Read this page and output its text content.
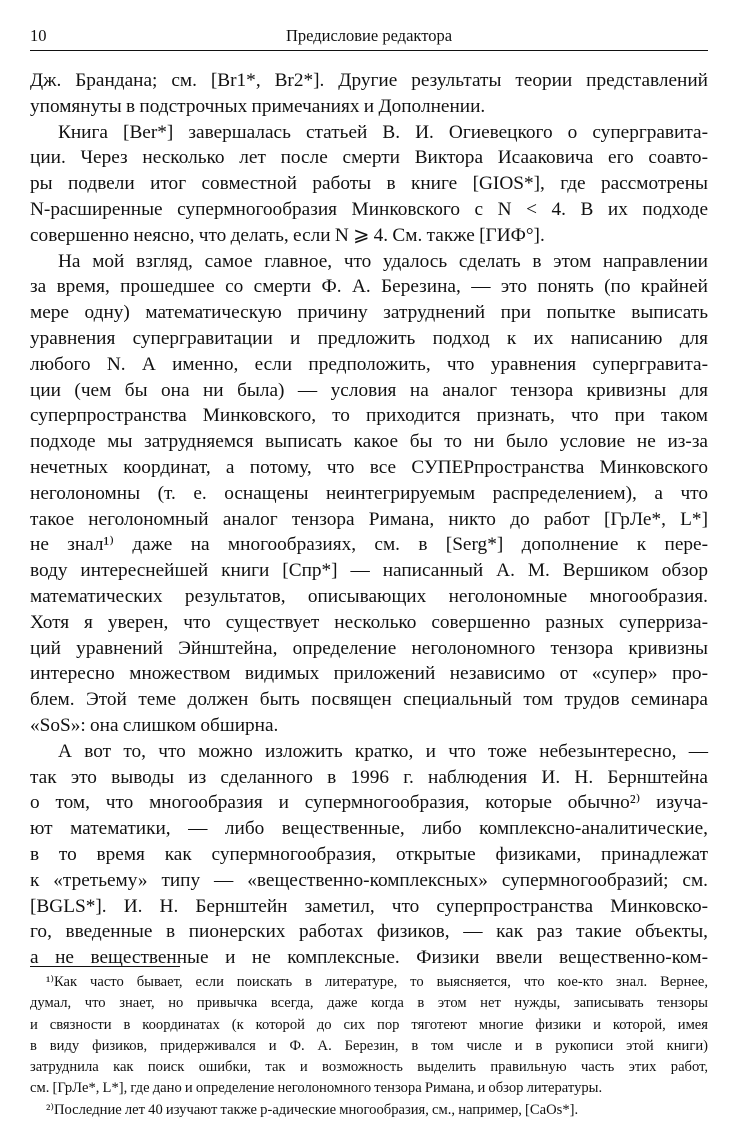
10	Предисловие редактора
Дж. Брандана; см. [Br1*, Br2*]. Другие результаты теории представлений
упомянуты в подстрочных примечаниях и Дополнении.
Книга [Ber*] завершалась статьей В. И. Огиевецкого о супергравита-
ции. Через несколько лет после смерти Виктора Исааковича его соавто-
ры подвели итог совместной работы в книге [GIOS*], где рассмотрены
N-расширенные супермногообразия Минковского с N < 4. В их подходе
совершенно неясно, что делать, если N ⩾ 4. См. также [ГИФ°].
На мой взгляд, самое главное, что удалось сделать в этом направлении
за время, прошедшее со смерти Ф. А. Березина, — это понять (по крайней
мере одну) математическую причину затруднений при попытке выписать
уравнения супергравитации и предложить подход к их написанию для
любого N. А именно, если предположить, что уравнения супергравита-
ции (чем бы она ни была) — условия на аналог тензора кривизны для
суперпространства Минковского, то приходится признать, что при таком
подходе мы затрудняемся выписать какое бы то ни было условие не из-за
нечетных координат, а потому, что все СУПЕРпространства Минковского
неголономны (т. е. оснащены неинтегрируемым распределением), а что
такое неголономный аналог тензора Римана, никто до работ [ГрЛе*, L*]
не знал¹⁾ даже на многообразиях, см. в [Serg*] дополнение к пере-
воду интереснейшей книги [Спр*] — написанный А. М. Вершиком обзор
математических результатов, описывающих неголономные многообразия.
Хотя я уверен, что существует несколько совершенно разных суперриза-
ций уравнений Эйнштейна, определение неголономного тензора кривизны
интересно множеством видимых приложений независимо от «супер» про-
блем. Этой теме должен быть посвящен специальный том трудов семинара
«SoS»: она слишком обширна.
А вот то, что можно изложить кратко, и что тоже небезынтересно, —
так это выводы из сделанного в 1996 г. наблюдения И. Н. Бернштейна
о том, что многообразия и супермногообразия, которые обычно²⁾ изуча-
ют математики, — либо вещественные, либо комплексно-аналитические,
в то время как супермногообразия, открытые физиками, принадлежат
к «третьему» типу — «вещественно-комплексных» супермногообразий; см.
[BGLS*]. И. Н. Бернштейн заметил, что суперпространства Минковско-
го, введенные в пионерских работах физиков, — как раз такие объекты,
а не вещественные и не комплексные. Физики ввели вещественно-ком-
¹⁾Как часто бывает, если поискать в литературе, то выясняется, что кое-кто знал. Вернее,
думал, что знает, но привычка всегда, даже когда в этом нет нужды, записывать тензоры
и связности в координатах (к которой до сих пор тяготеют многие физики и которой, имея
в виду физиков, придерживался и Ф. А. Березин, в том числе и в рукописи этой книги)
затруднила как поиск ошибки, так и возможность выделить правильную часть этих работ,
см. [ГрЛе*, L*], где дано и определение неголономного тензора Римана, и обзор литературы.
²⁾Последние лет 40 изучают также p-адические многообразия, см., например, [CaOs*].
